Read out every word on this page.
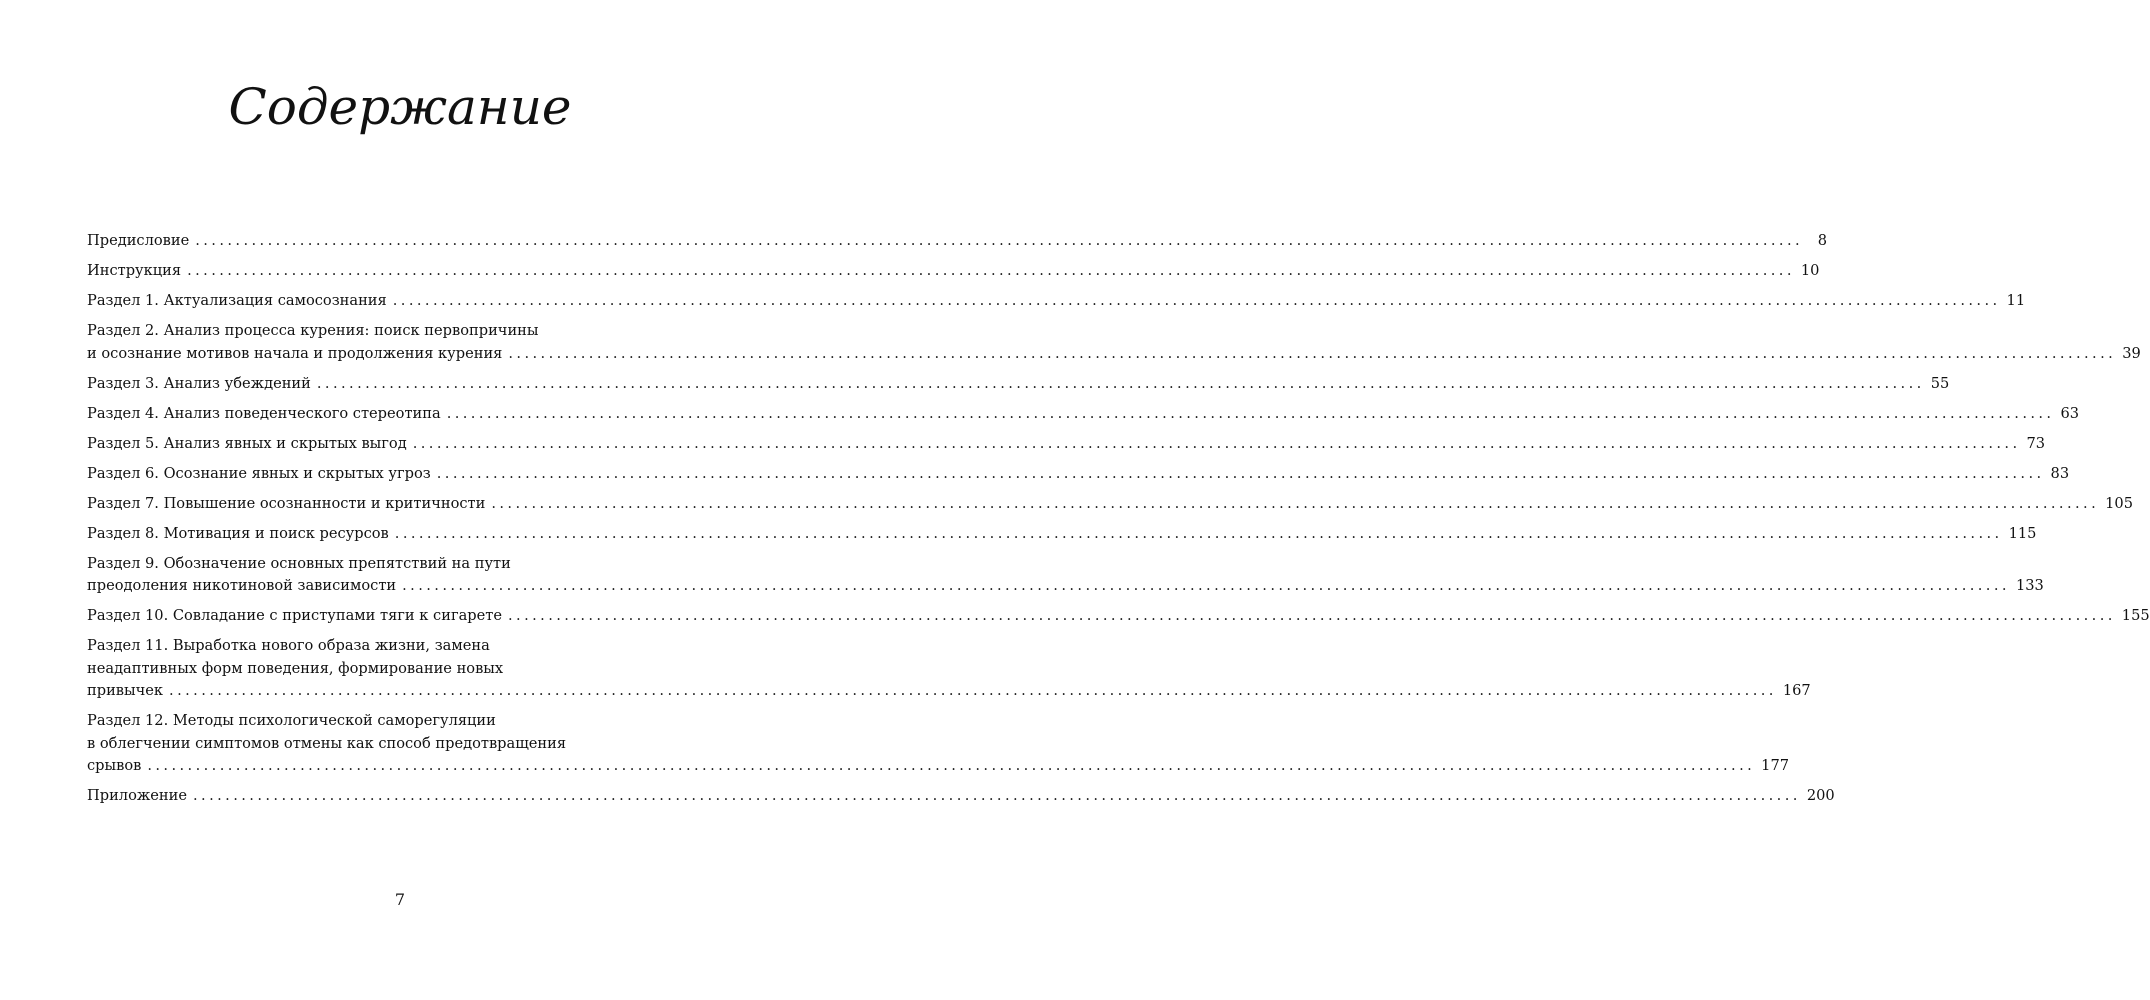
Содержание
Предисловие ........................................................................................................................................................................................................	8
Инструкция ........................................................................................................................................................................................................ 10
Раздел 1. Актуализация самосознания ........................................................................................................................................................................................................ 11
Раздел 2. Анализ процесса курения: поиск первопричины
и осознание мотивов начала и продолжения курения ........................................................................................................................................................................................................ 39
Раздел 3. Анализ убеждений ........................................................................................................................................................................................................ 55
Раздел 4. Анализ поведенческого стереотипа ........................................................................................................................................................................................................ 63
Раздел 5. Анализ явных и скрытых выгод ........................................................................................................................................................................................................ 73
Раздел 6. Осознание явных и скрытых угроз ........................................................................................................................................................................................................ 83
Раздел 7. Повышение осознанности и критичности ........................................................................................................................................................................................................ 105
Раздел 8. Мотивация и поиск ресурсов ........................................................................................................................................................................................................ 115
Раздел 9. Обозначение основных препятствий на пути
преодоления никотиновой зависимости ........................................................................................................................................................................................................ 133
Раздел 10. Совладание с приступами тяги к сигарете ........................................................................................................................................................................................................ 155
Раздел 11. Выработка нового образа жизни, замена
неадаптивных форм поведения, формирование новых
привычек ........................................................................................................................................................................................................ 167
Раздел 12. Методы психологической саморегуляции
в облегчении симптомов отмены как способ предотвращения
срывов ........................................................................................................................................................................................................ 177
Приложение ........................................................................................................................................................................................................ 200
7
